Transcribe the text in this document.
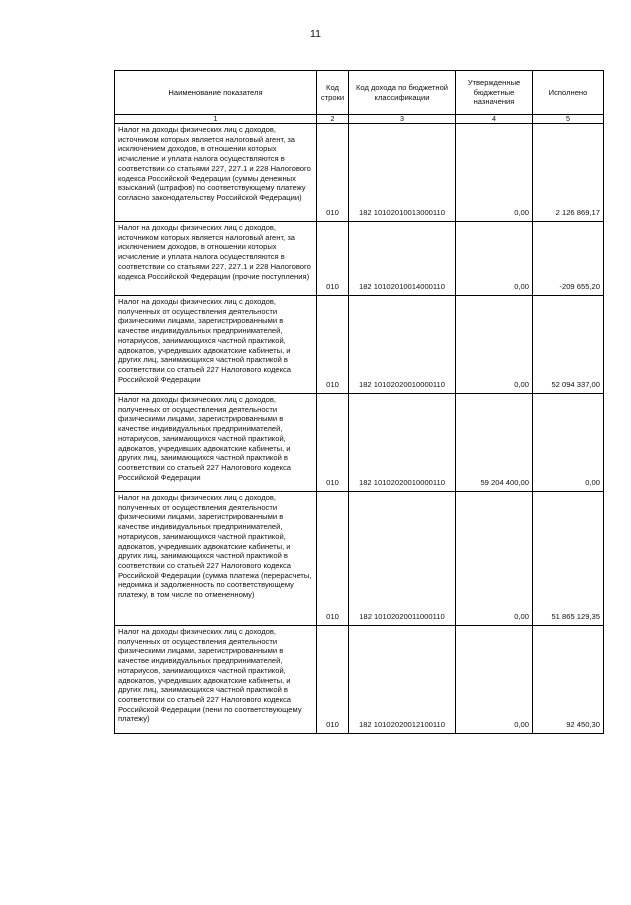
11
Наименование показателя	Код строки	Код дохода по бюджетной классификации	Утвержденные бюджетные назначения	Исполнено
1	2	3	4	5
Налог на доходы физических лиц с доходов, источником которых является налоговый агент, за исключением доходов, в отношении которых исчисление и уплата налога осуществляются в соответствии со статьями 227, 227.1 и 228 Налогового кодекса Российской Федерации (суммы денежных взысканий (штрафов) по соответствующему платежу согласно законодательству Российской Федерации)	010	182 10102010013000110	0,00	2 126 869,17
Налог на доходы физических лиц с доходов, источником которых является налоговый агент, за исключением доходов, в отношении которых исчисление и уплата налога осуществляются в соответствии со статьями 227, 227.1 и 228 Налогового кодекса Российской Федерации (прочие поступления)	010	182 10102010014000110	0,00	-209 655,20
Налог на доходы физических лиц с доходов, полученных от осуществления деятельности физическими лицами, зарегистрированными в качестве индивидуальных предпринимателей, нотариусов, занимающихся частной практикой, адвокатов, учредивших адвокатские кабинеты, и других лиц, занимающихся частной практикой в соответствии со статьей 227 Налогового кодекса Российской Федерации	010	182 10102020010000110	0,00	52 094 337,00
Налог на доходы физических лиц с доходов, полученных от осуществления деятельности физическими лицами, зарегистрированными в качестве индивидуальных предпринимателей, нотариусов, занимающихся частной практикой, адвокатов, учредивших адвокатские кабинеты, и других лиц, занимающихся частной практикой в соответствии со статьей 227 Налогового кодекса Российской Федерации	010	182 10102020010000110	59 204 400,00	0,00
Налог на доходы физических лиц с доходов, полученных от осуществления деятельности физическими лицами, зарегистрированными в качестве индивидуальных предпринимателей, нотариусов, занимающихся частной практикой, адвокатов, учредивших адвокатские кабинеты, и других лиц, занимающихся частной практикой в соответствии со статьей 227 Налогового кодекса Российской Федерации (сумма платежа (перерасчеты, недоимка и задолженность по соответствующему платежу, в том числе по отмененному)	010	182 10102020011000110	0,00	51 865 129,35
Налог на доходы физических лиц с доходов, полученных от осуществления деятельности физическими лицами, зарегистрированными в качестве индивидуальных предпринимателей, нотариусов, занимающихся частной практикой, адвокатов, учредивших адвокатские кабинеты, и других лиц, занимающихся частной практикой в соответствии со статьей 227 Налогового кодекса Российской Федерации (пени по соответствующему платежу)	010	182 10102020012100110	0,00	92 450,30
